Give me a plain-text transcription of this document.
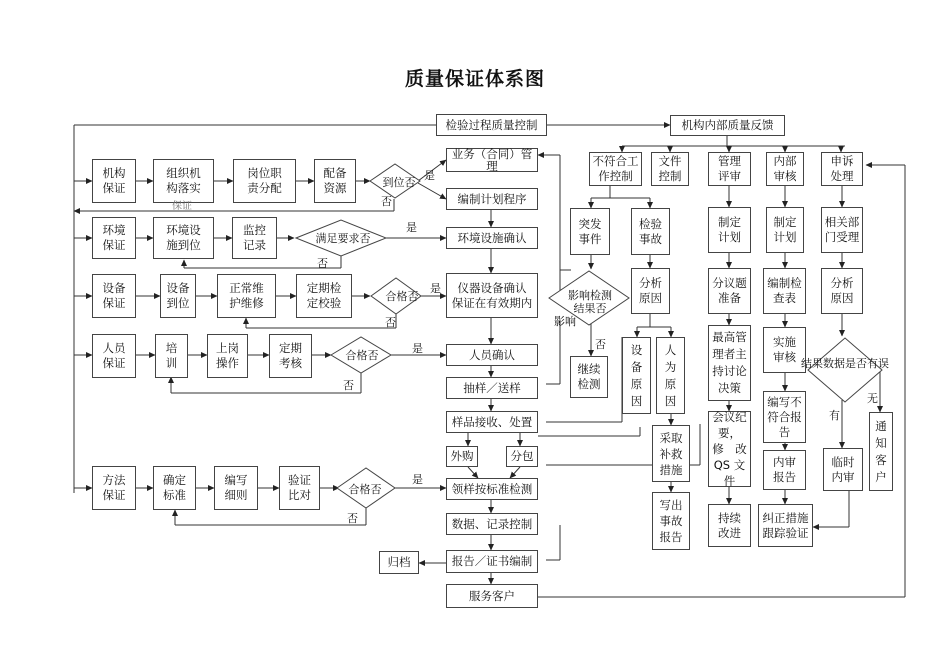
质量保证体系图
检验过程质量控制	机构内部质量反馈
机构
保证
组织机
构落实
保证
岗位职
责分配
配备
资源
业务（合同）管
理
编制计划程序
环境
保证
环境设
施到位
监控
记录
环境设施确认
设备
保证
设备
到位
正常维
护维修
定期检
定校验
仪器设备确认
保证在有效期内
人员
保证
培
训
上岗
操作
定期
考核
人员确认
抽样／送样
样品接收、处置
外购	分包
方法
保证
确定
标准
编写
细则
验证
比对	领样按标准检测
数据、记录控制
报告／证书编制
归档
服务客户
不符合工
作控制
文件
控制
管理
评审
内部
审核
申诉
处理
突发
事件
检验
事故
分析
原因
继续
检测
设
备
原
因
人
为
原
因
采取
补救
措施
写出
事故
报告
制定
计划
分议题
准备
最高管
理者主
持讨论
决策
会议纪
要，
修　改
QS 文件
持续
改进
制定
计划
编制检
查表
实施
审核
编写不
符合报
告
内审
报告
纠正措施
跟踪验证
相关部
门受理
分析
原因
临时
内审
通
知
客
户
到位否
满足要求否
合格否
合格否
合格否
影响检测
结果否
结果数据是否有误
是
否
是
否
是
否
是
否
是
否
影响
否
有
无
